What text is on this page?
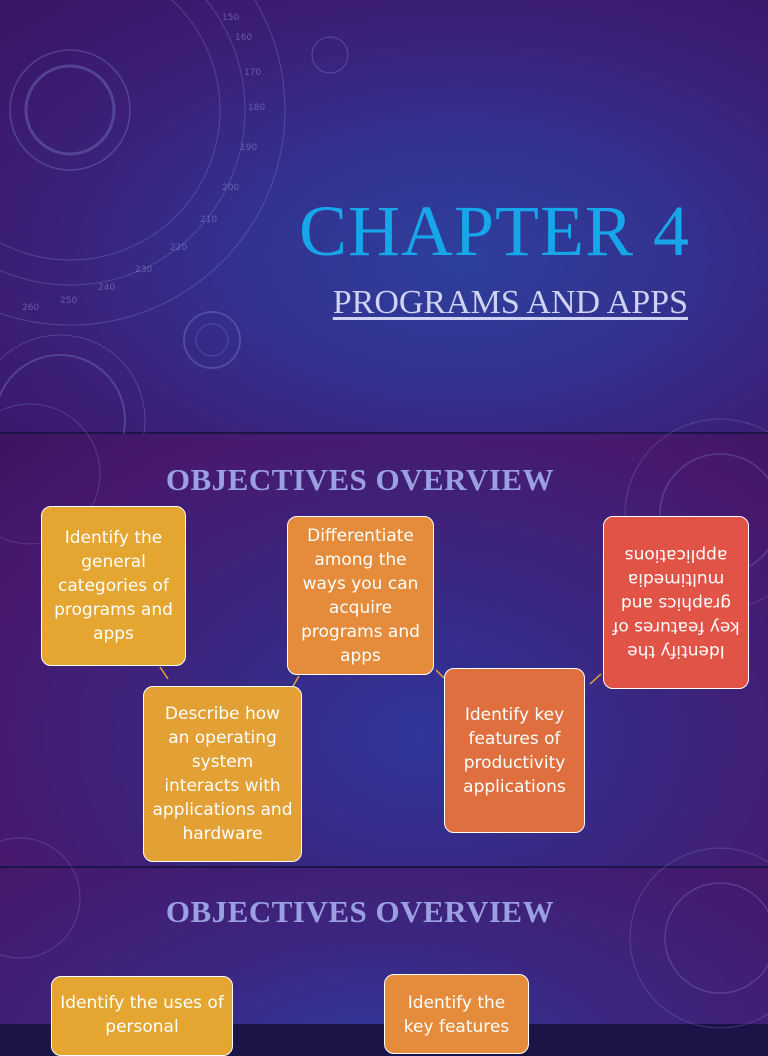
150
160
170
180
190
200
210
220
230
240
250
260
CHAPTER 4
PROGRAMS AND APPS
OBJECTIVES OVERVIEW
Identify the general categories of programs and apps
Describe how an operating system interacts with applications and hardware
Differentiate among the ways you can acquire programs and apps
Identify key features of productivity applications
Identify the key features of graphics and multimedia applications
OBJECTIVES OVERVIEW
Identify the uses of personal
Identify the key features
